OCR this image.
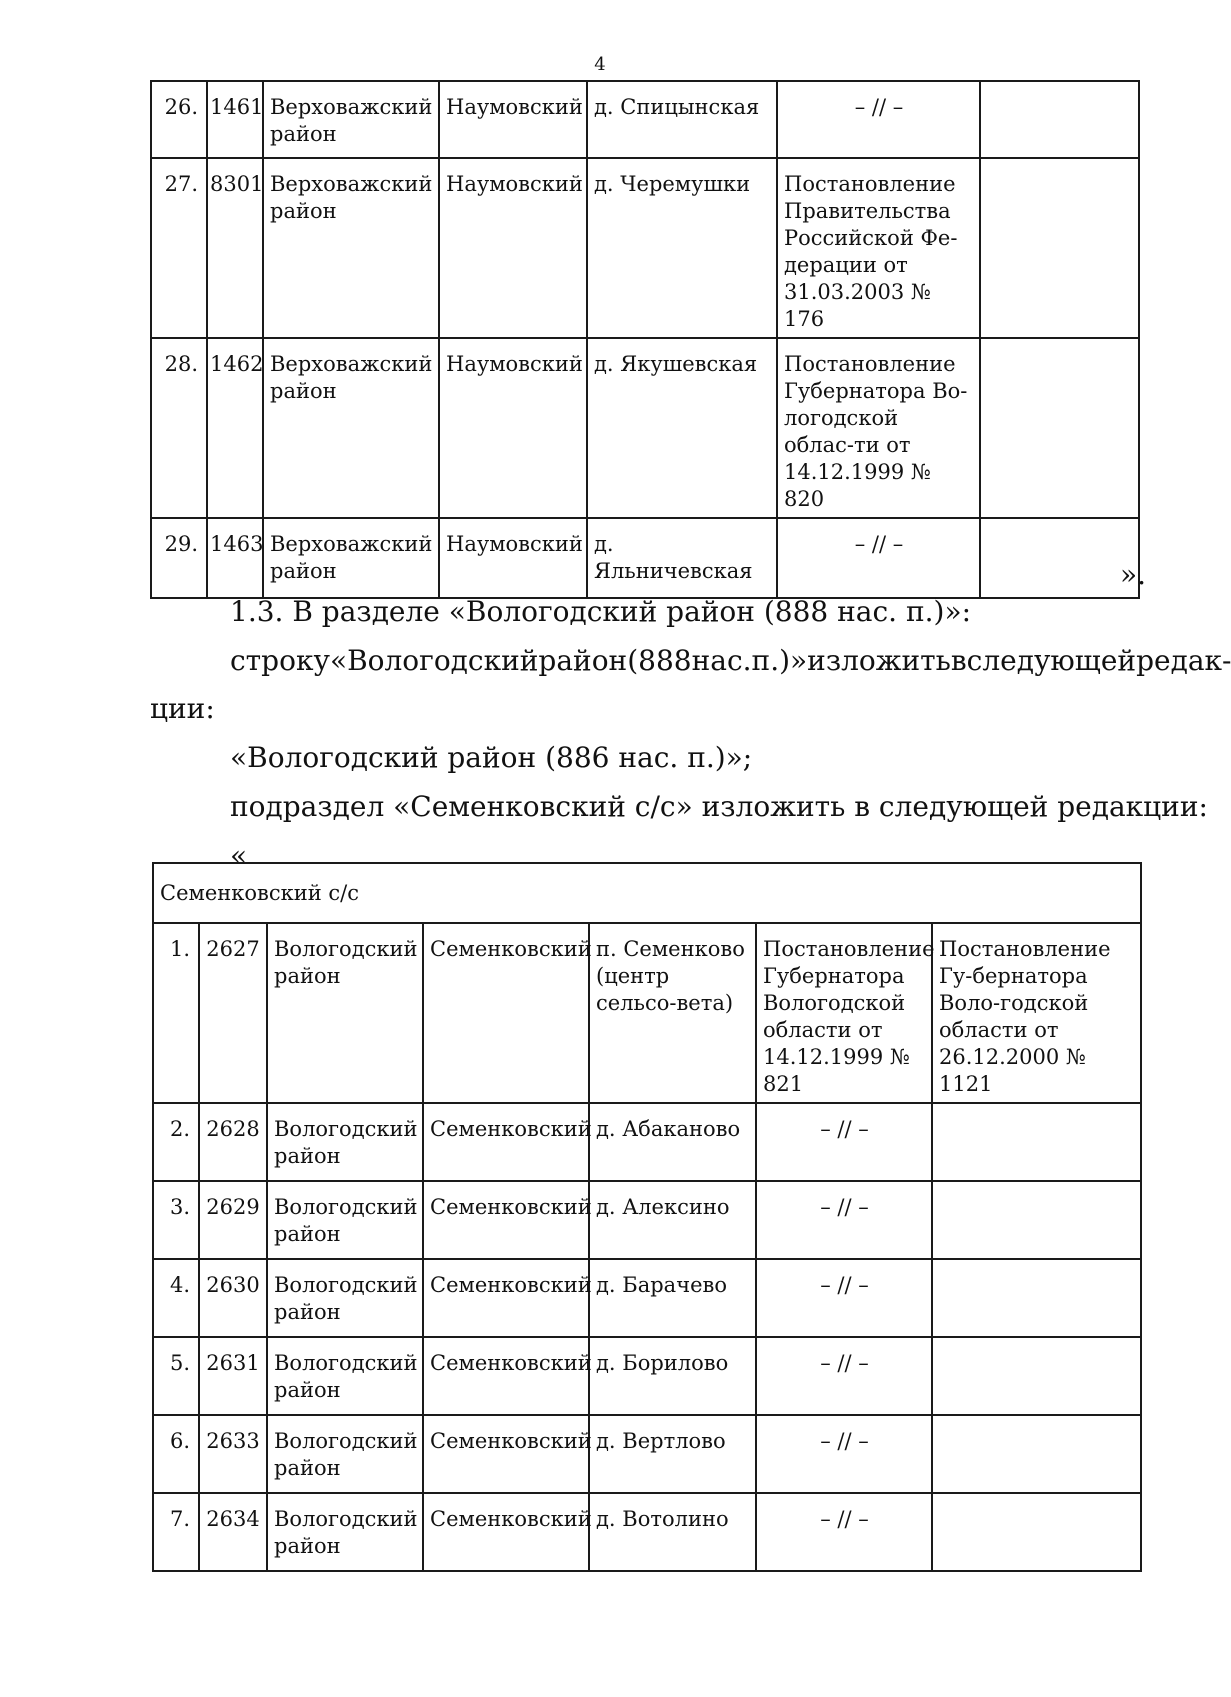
4
26.	1461	Верховажский район	Наумовский	д. Спицынская	– // –	
27.	8301	Верховажский район	Наумовский	д. Черемушки	Постановление Правительства Российской Фе-дерации от 31.03.2003 № 176	
28.	1462	Верховажский район	Наумовский	д. Якушевская	Постановление Губернатора Во-логодской облас-ти от 14.12.1999 № 820	
29.	1463	Верховажский район	Наумовский	д. Яльничевская	– // –	
».
1.3. В разделе «Вологодский район (888 нас. п.)»:
строку «Вологодский район (888 нас. п.)» изложить в следующей редак-
ции:
«Вологодский район (886 нас. п.)»;
подраздел «Семенковский с/с» изложить в следующей редакции:
«
Семенковский с/с						
1.	2627	Вологодский район	Семенковский	п. Семенково (центр сельсо-вета)	Постановление Губернатора Вологодской области от 14.12.1999 № 821	Постановление Гу-бернатора Воло-годской области от 26.12.2000 № 1121
2.	2628	Вологодский район	Семенковский	д. Абаканово	– // –	
3.	2629	Вологодский район	Семенковский	д. Алексино	– // –	
4.	2630	Вологодский район	Семенковский	д. Барачево	– // –	
5.	2631	Вологодский район	Семенковский	д. Борилово	– // –	
6.	2633	Вологодский район	Семенковский	д. Вертлово	– // –	
7.	2634	Вологодский район	Семенковский	д. Вотолино	– // –	
